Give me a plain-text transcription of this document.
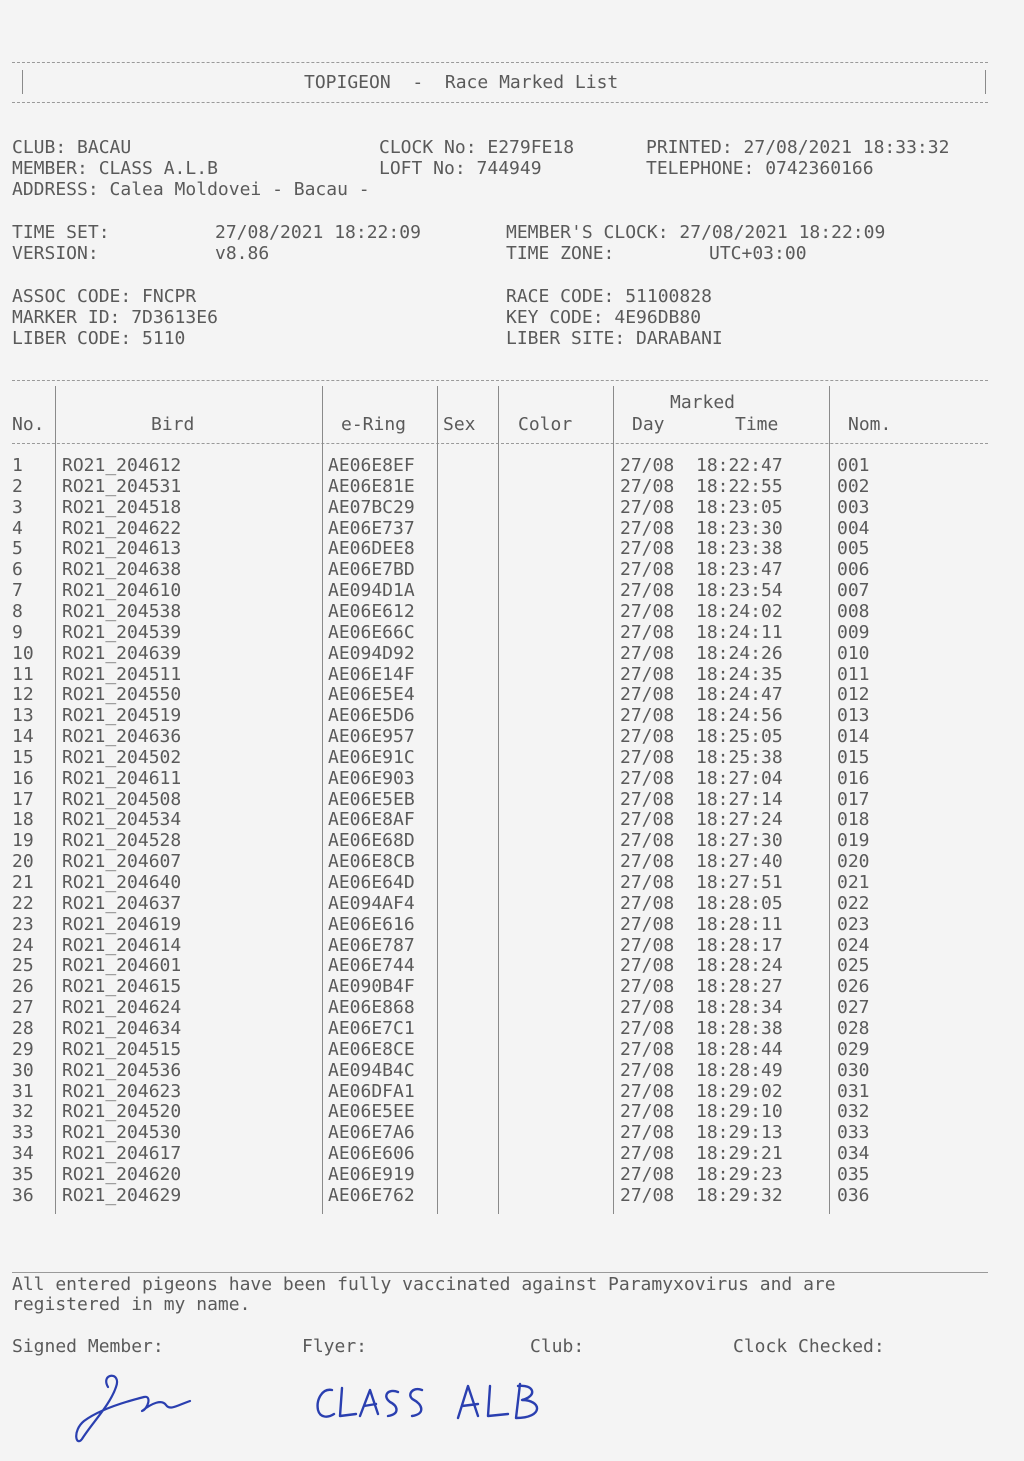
TOPIGEON  -  Race Marked List
CLUB: BACAU
MEMBER: CLASS A.L.B
ADDRESS: Calea Moldovei - Bacau -
CLOCK No: E279FE18
LOFT No: 744949
PRINTED: 27/08/2021 18:33:32
TELEPHONE: 0742360166
TIME SET:	27/08/2021 18:22:09
VERSION:	v8.86
MEMBER'S CLOCK: 27/08/2021 18:22:09
TIME ZONE:	UTC+03:00
ASSOC CODE: FNCPR
MARKER ID: 7D3613E6
LIBER CODE: 5110
RACE CODE: 51100828
KEY CODE: 4E96DB80
LIBER SITE: DARABANI
No.	Bird	e-Ring Sex Color
Marked
Day	Time	Nom.
1 RO21_204612	AE06E8EF	27/08 18:22:47	001
2 RO21_204531	AE06E81E	27/08 18:22:55	002
3 RO21_204518	AE07BC29	27/08 18:23:05	003
4 RO21_204622	AE06E737	27/08 18:23:30	004
5 RO21_204613	AE06DEE8	27/08 18:23:38	005
6 RO21_204638	AE06E7BD	27/08 18:23:47	006
7 RO21_204610	AE094D1A	27/08 18:23:54	007
8 RO21_204538	AE06E612	27/08 18:24:02	008
9 RO21_204539	AE06E66C	27/08 18:24:11	009
10 RO21_204639	AE094D92	27/08 18:24:26	010
11 RO21_204511	AE06E14F	27/08 18:24:35	011
12 RO21_204550	AE06E5E4	27/08 18:24:47	012
13 RO21_204519	AE06E5D6	27/08 18:24:56	013
14 RO21_204636	AE06E957	27/08 18:25:05	014
15 RO21_204502	AE06E91C	27/08 18:25:38	015
16 RO21_204611	AE06E903	27/08 18:27:04	016
17 RO21_204508	AE06E5EB	27/08 18:27:14	017
18 RO21_204534	AE06E8AF	27/08 18:27:24	018
19 RO21_204528	AE06E68D	27/08 18:27:30	019
20 RO21_204607	AE06E8CB	27/08 18:27:40	020
21 RO21_204640	AE06E64D	27/08 18:27:51	021
22 RO21_204637	AE094AF4	27/08 18:28:05	022
23 RO21_204619	AE06E616	27/08 18:28:11	023
24 RO21_204614	AE06E787	27/08 18:28:17	024
25 RO21_204601	AE06E744	27/08 18:28:24	025
26 RO21_204615	AE090B4F	27/08 18:28:27	026
27 RO21_204624	AE06E868	27/08 18:28:34	027
28 RO21_204634	AE06E7C1	27/08 18:28:38	028
29 RO21_204515	AE06E8CE	27/08 18:28:44	029
30 RO21_204536	AE094B4C	27/08 18:28:49	030
31 RO21_204623	AE06DFA1	27/08 18:29:02	031
32 RO21_204520	AE06E5EE	27/08 18:29:10	032
33 RO21_204530	AE06E7A6	27/08 18:29:13	033
34 RO21_204617	AE06E606	27/08 18:29:21	034
35 RO21_204620	AE06E919	27/08 18:29:23	035
36 RO21_204629	AE06E762	27/08 18:29:32	036
All entered pigeons have been fully vaccinated against Paramyxovirus and are
registered in my name.
Signed Member:	Flyer:	Club:	Clock Checked:
